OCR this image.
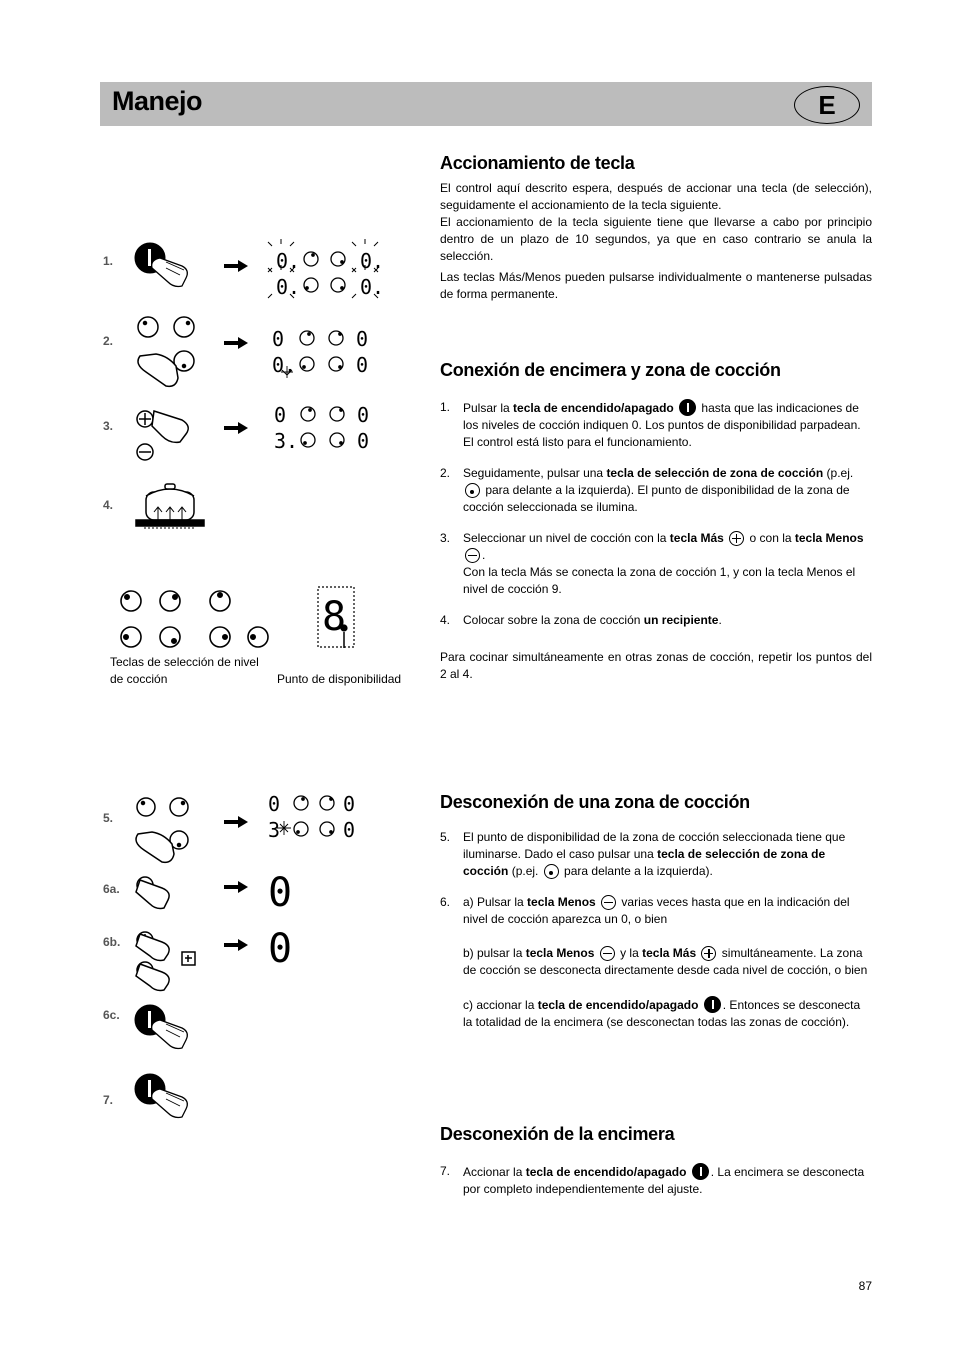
Manejo	E
1.
2.
3.
4.
5.
6a.
6b.
6c.
7.
0.	0.
0.	0.
0	0
0.	0
0	0
3.	0
8
0	0
3	0
0
0
Teclas de selección de nivel de cocción	Punto de disponibilidad
Accionamiento de tecla

El control aquí descrito espera, después de accionar una tecla (de selección), seguidamente el accionamiento de la tecla siguiente.

El accionamiento de la tecla siguiente tiene que llevarse a cabo por principio dentro de un plazo de 10 segundos, ya que en caso contrario se anula la selección.

Las teclas Más/Menos pueden pulsarse individualmente o mantenerse pulsadas de forma permanente.

Conexión de encimera y zona de cocción
1. Pulsar la tecla de encendido/apagado  hasta que las indicaciones de los niveles de cocción indiquen 0. Los puntos de disponibilidad parpadean. El control está listo para el funcionamiento.
2. Seguidamente, pulsar una tecla de selección de zona de cocción (p.ej.  para delante a la izquierda). El punto de disponibilidad de la zona de cocción seleccionada se ilumina.
3. Seleccionar un nivel de cocción con la tecla Más  o con la tecla Menos .
Con la tecla Más se conecta la zona de cocción 1, y con la tecla Menos el nivel de cocción 9.
4. Colocar sobre la zona de cocción un recipiente.

Para cocinar simultáneamente en otras zonas de cocción, repetir los puntos del 2 al 4.

Desconexión de una zona de cocción
5. El punto de disponibilidad de la zona de cocción seleccionada tiene que iluminarse. Dado el caso pulsar una tecla de selección de zona de cocción (p.ej.  para delante a la izquierda).
6. a) Pulsar la tecla Menos  varias veces hasta que en la indicación del nivel de cocción aparezca un 0, o bien
b) pulsar la tecla Menos  y la tecla Más  simultáneamente. La zona de cocción se desconecta directamente desde cada nivel de cocción, o bien
c) accionar la tecla de encendido/apagado . Entonces se desconecta la totalidad de la encimera (se desconectan todas las zonas de cocción).
Desconexión de la encimera
7. Accionar la tecla de encendido/apagado . La encimera se desconecta por completo independientemente del ajuste.
87
